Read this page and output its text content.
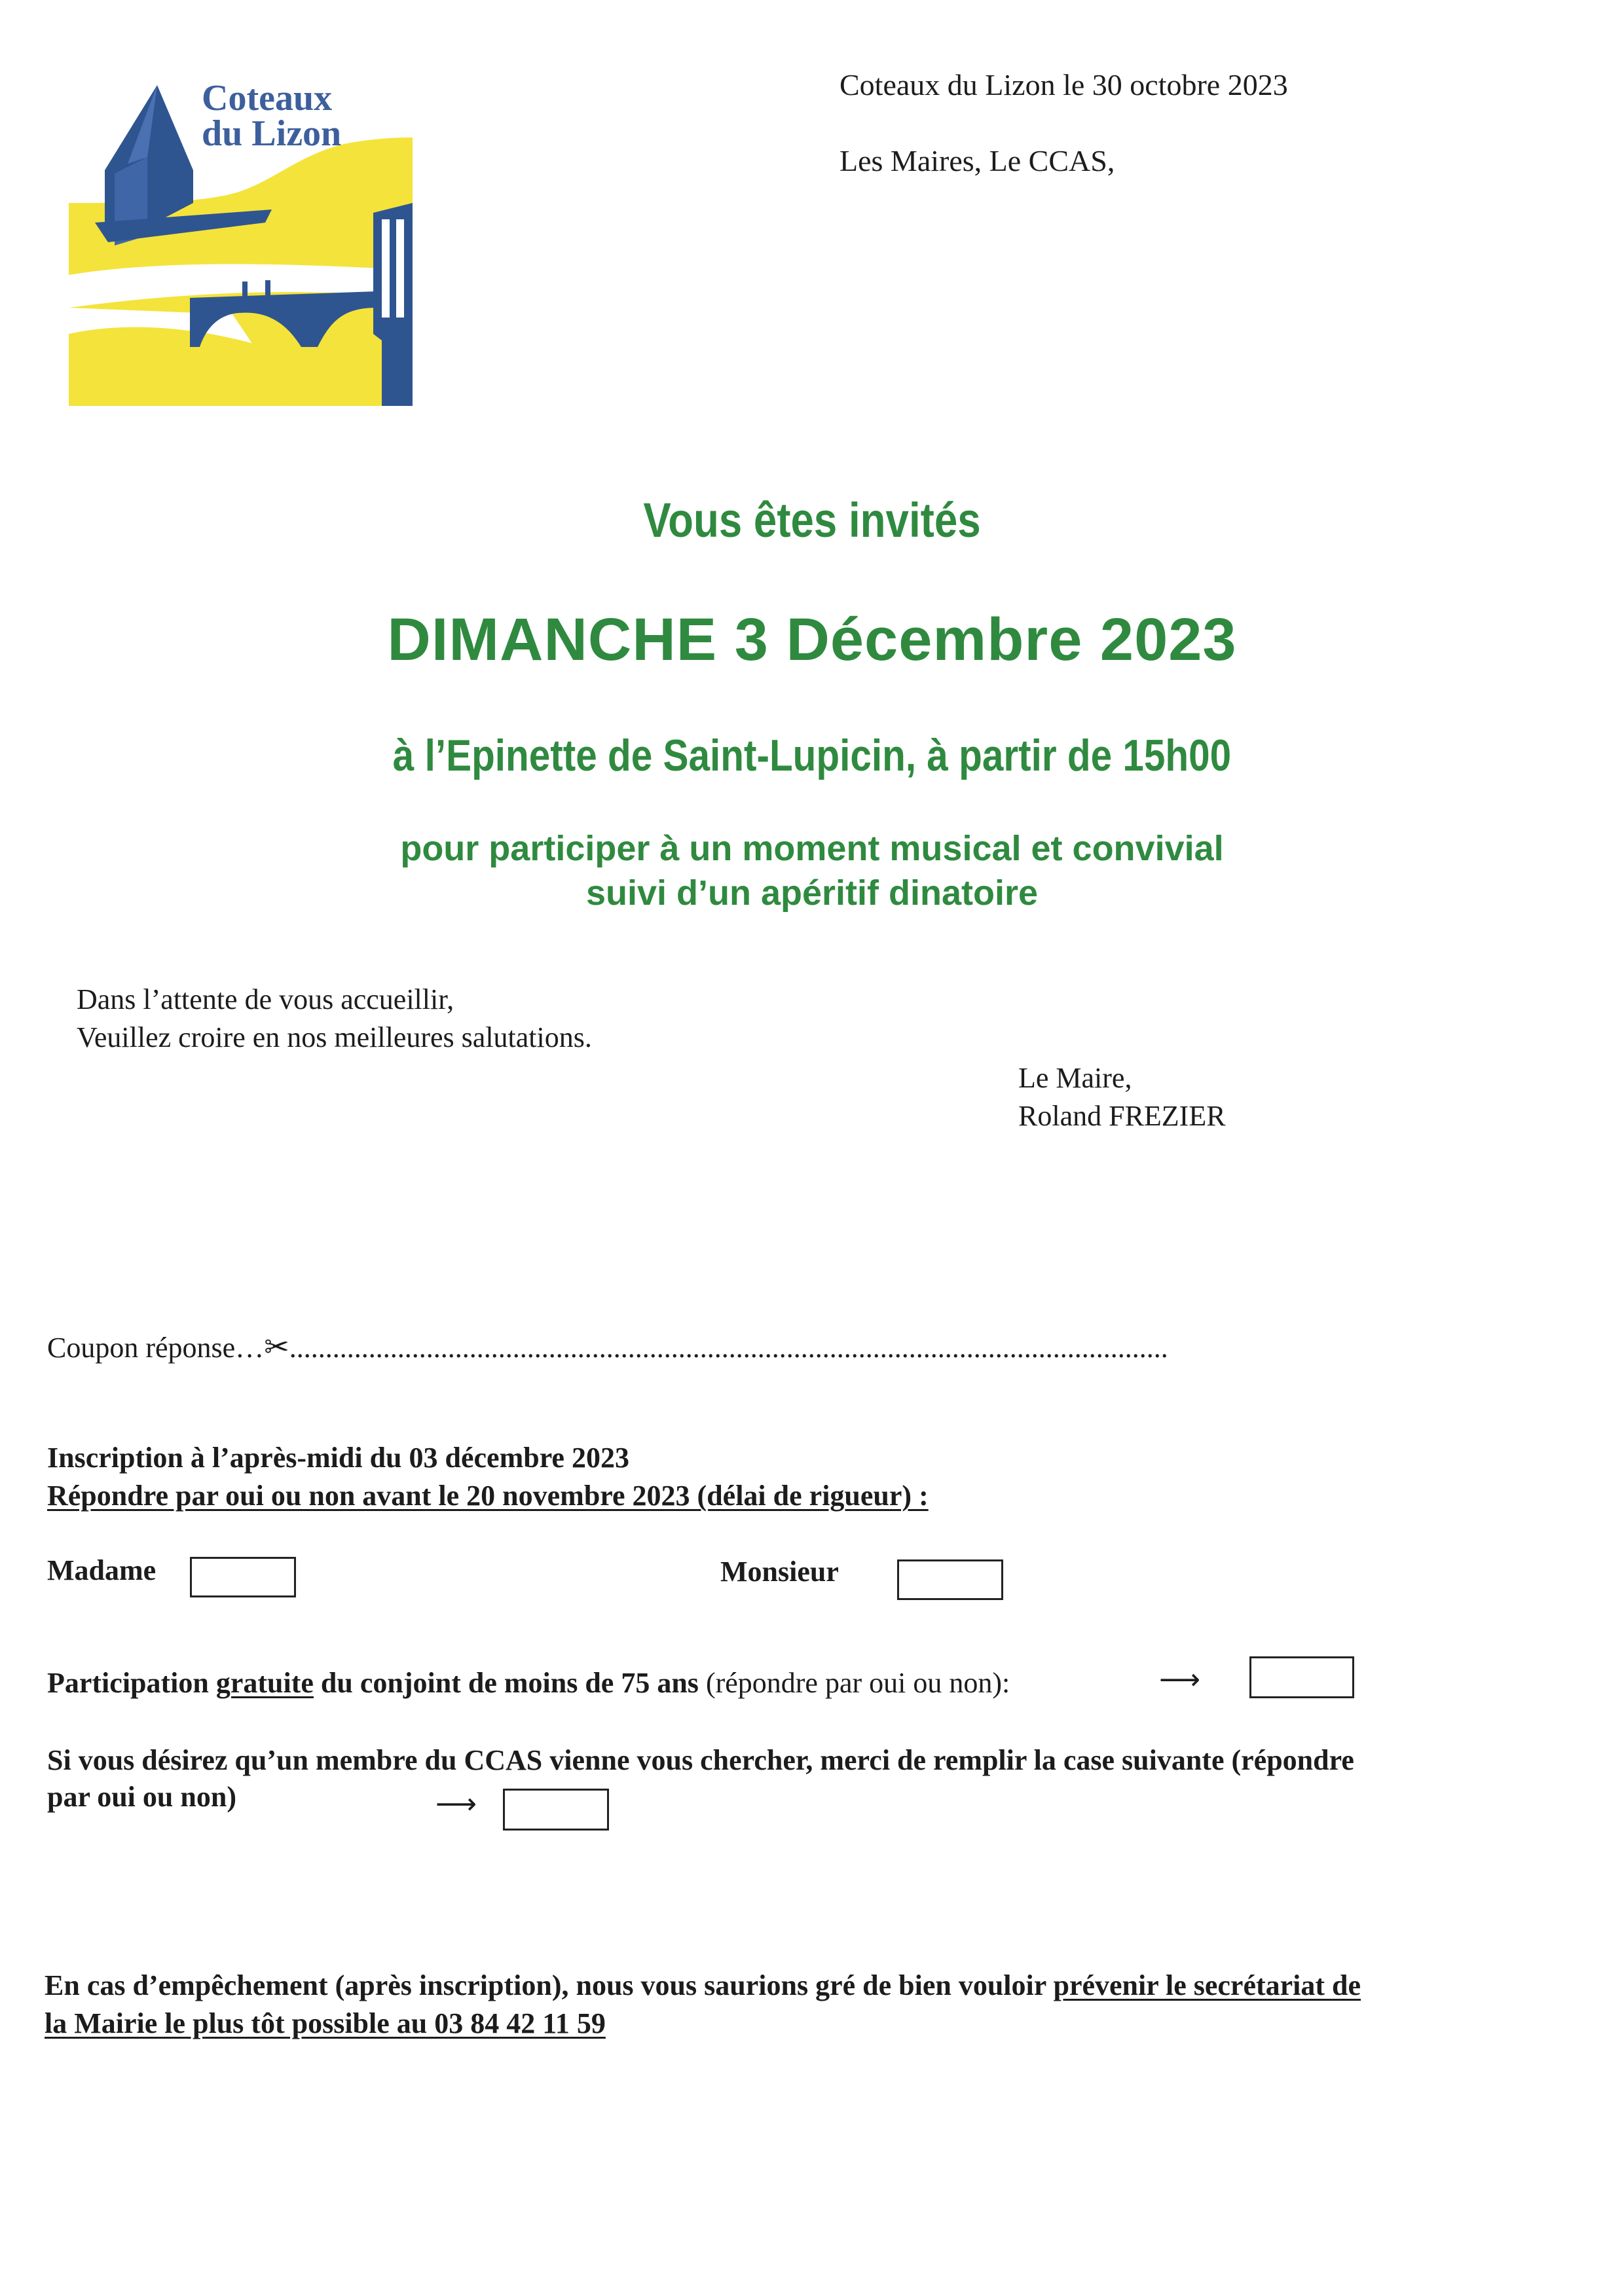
Coteaux
du Lizon
Coteaux du Lizon le 30 octobre 2023
Les Maires, Le CCAS,
Vous êtes invités
DIMANCHE 3 Décembre 2023
à l’Epinette de Saint-Lupicin, à partir de 15h00
pour participer à un moment musical et convivial
suivi d’un apéritif dinatoire
Dans l’attente de vous accueillir,
Veuillez croire en nos meilleures salutations.
Le Maire,
Roland FREZIER
Coupon réponse…✂..........................................................................................................................
Inscription à l’après-midi du 03 décembre 2023
Répondre par oui ou non avant le 20 novembre 2023 (délai de rigueur) :
Madame	Monsieur
Participation gratuite du conjoint de moins de 75 ans (répondre par oui ou non):	⟶
Si vous désirez qu’un membre du CCAS vienne vous chercher, merci de remplir la case suivante (répondre
par oui ou non)	⟶
En cas d’empêchement (après inscription), nous vous saurions gré de bien vouloir prévenir le secrétariat de
la Mairie le plus tôt possible au 03 84 42 11 59
